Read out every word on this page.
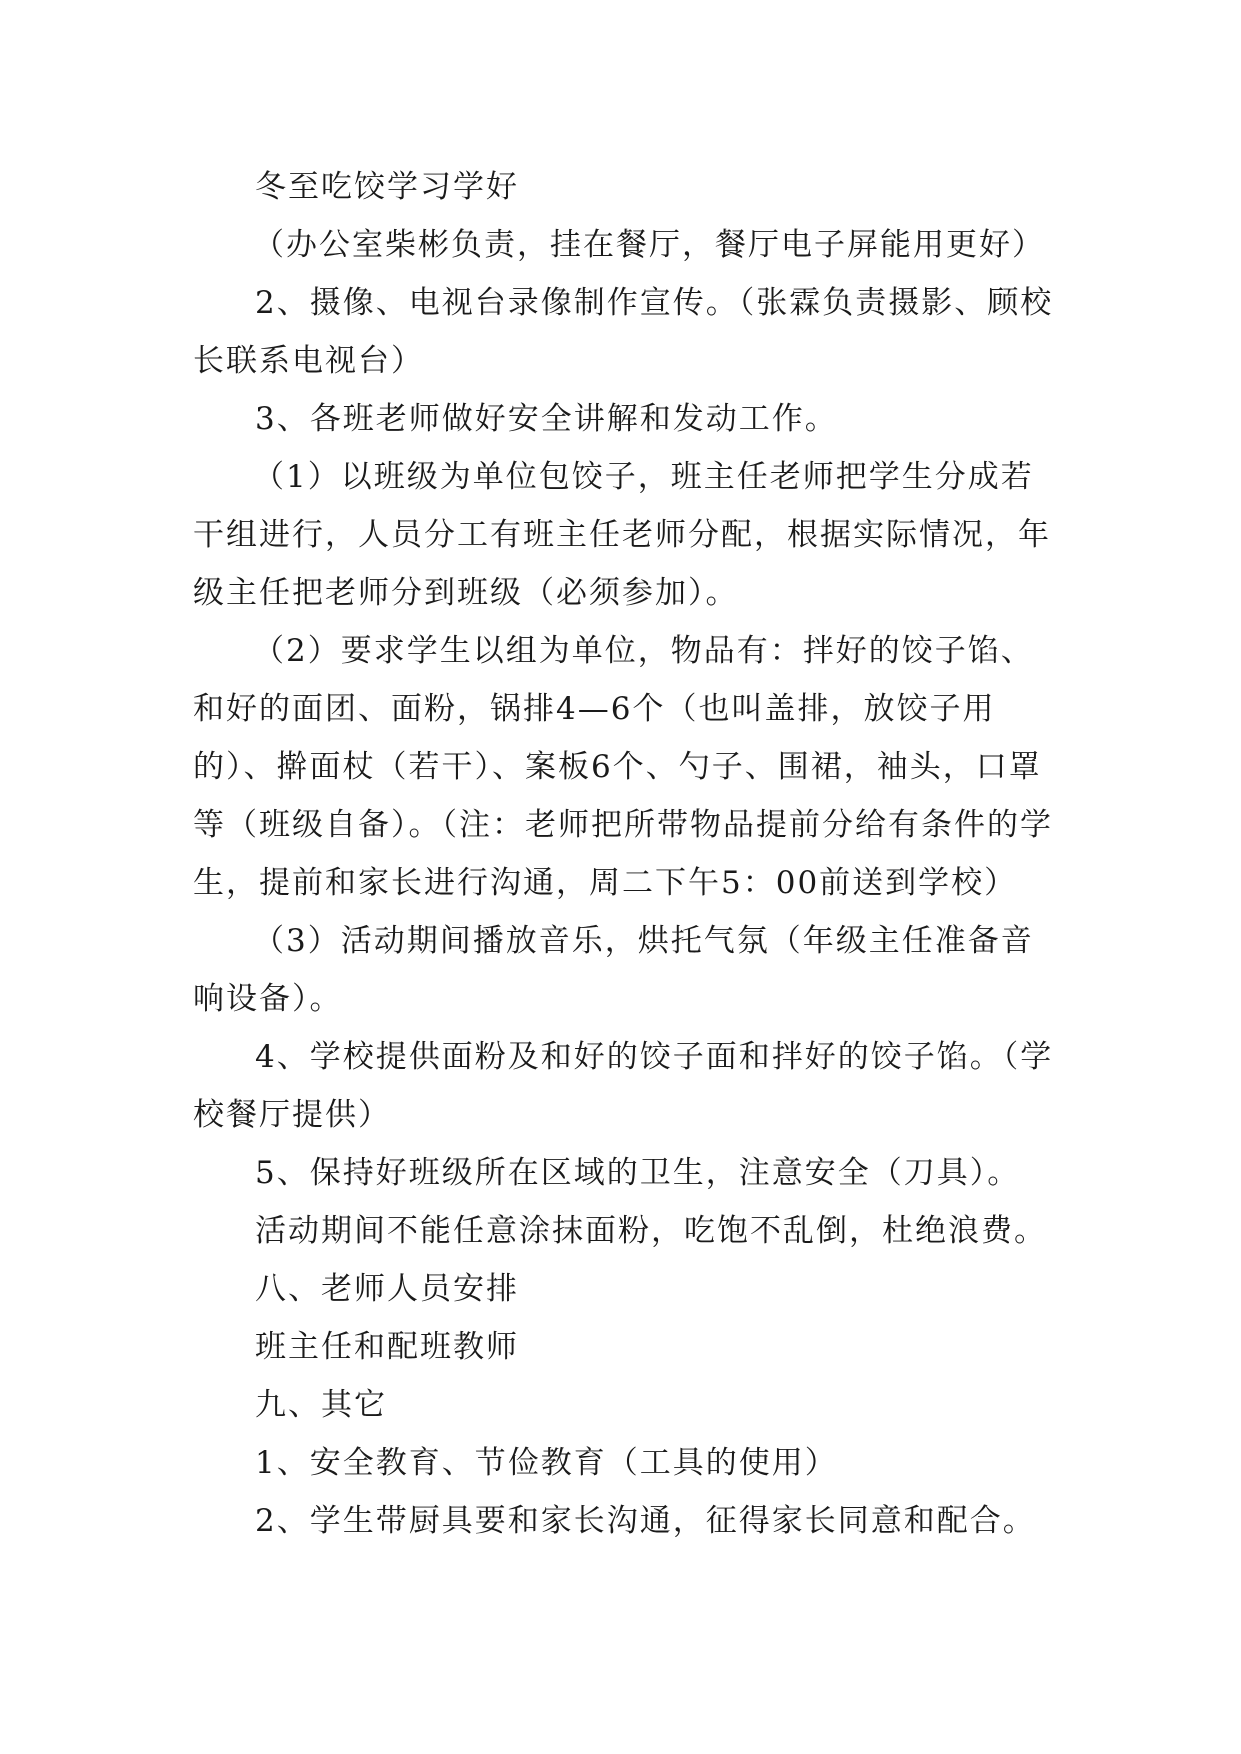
冬至吃饺学习学好
（办公室柴彬负责，挂在餐厅，餐厅电子屏能用更好）
2、摄像、电视台录像制作宣传。（张霖负责摄影、顾校
长联系电视台）
3、各班老师做好安全讲解和发动工作。
（1）以班级为单位包饺子，班主任老师把学生分成若
干组进行，人员分工有班主任老师分配，根据实际情况，年
级主任把老师分到班级（必须参加）。
（2）要求学生以组为单位，物品有：拌好的饺子馅、
和好的面团、面粉，锅排4—6个（也叫盖排，放饺子用
的）、擀面杖（若干）、案板6个、勺子、围裙，袖头，口罩
等（班级自备）。（注：老师把所带物品提前分给有条件的学
生，提前和家长进行沟通，周二下午5：00前送到学校）
（3）活动期间播放音乐，烘托气氛（年级主任准备音
响设备）。
4、学校提供面粉及和好的饺子面和拌好的饺子馅。（学
校餐厅提供）
5、保持好班级所在区域的卫生，注意安全（刀具）。
活动期间不能任意涂抹面粉，吃饱不乱倒，杜绝浪费。
八、老师人员安排
班主任和配班教师
九、其它
1、安全教育、节俭教育（工具的使用）
2、学生带厨具要和家长沟通，征得家长同意和配合。
